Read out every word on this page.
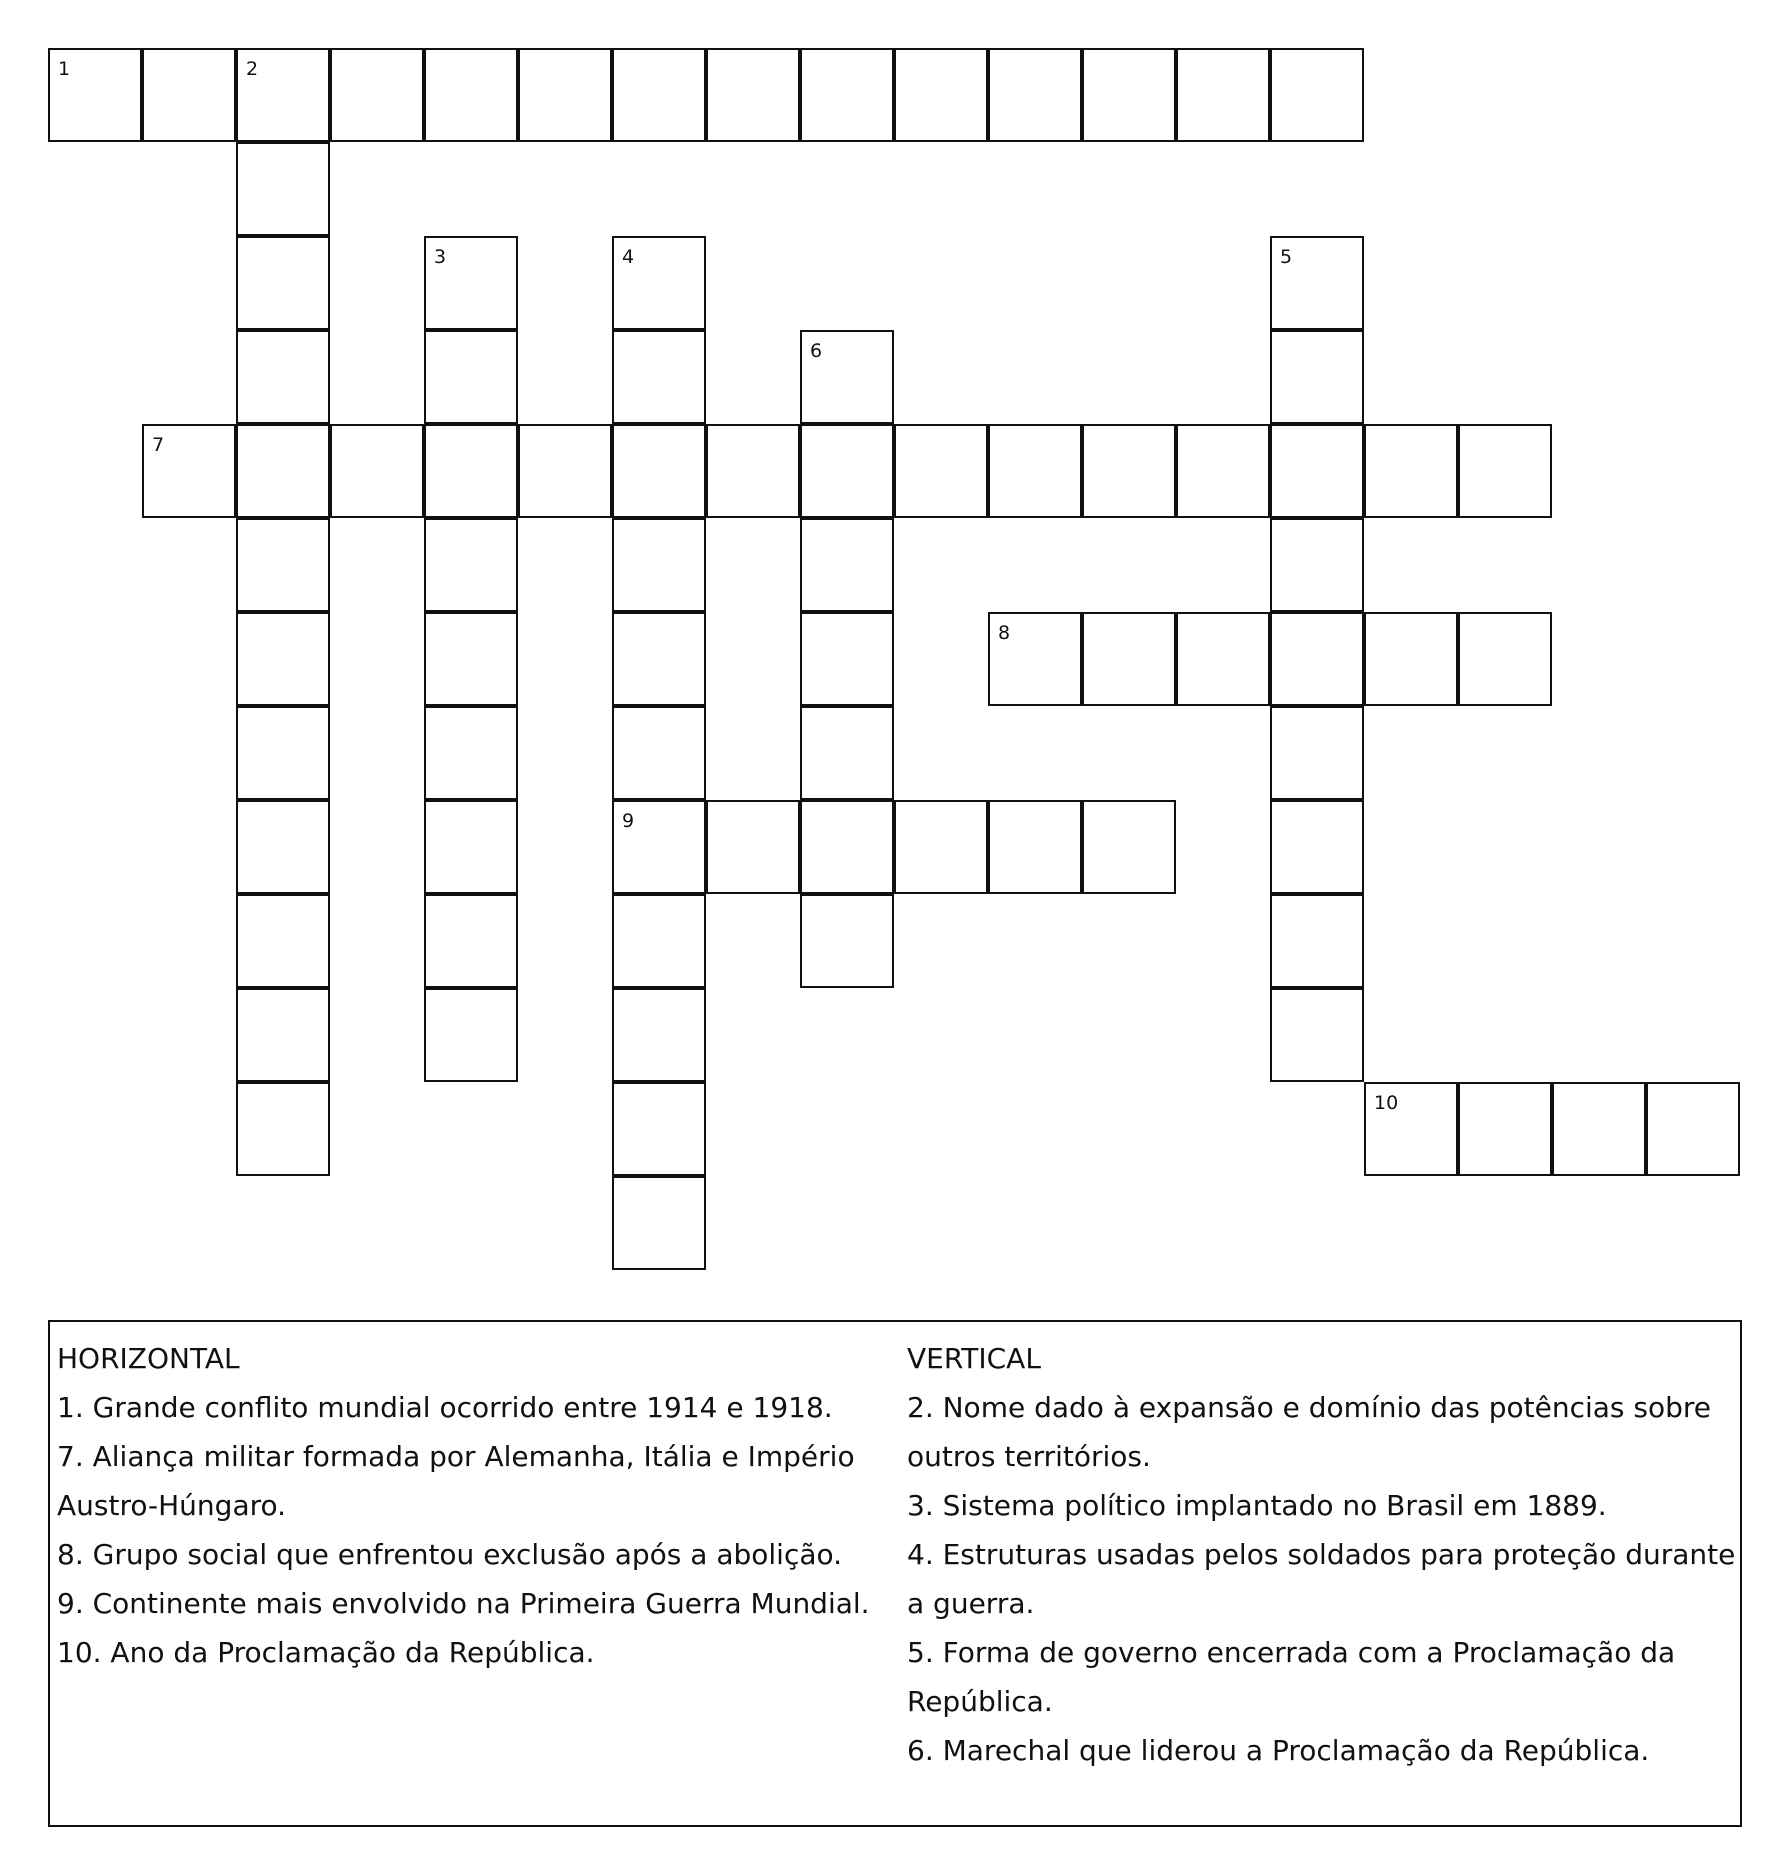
1	2
3	4	5
6
7
8
9
10

HORIZONTAL

1. Grande conflito mundial ocorrido entre 1914 e 1918.

7. Aliança militar formada por Alemanha, Itália e Império Austro-Húngaro.

8. Grupo social que enfrentou exclusão após a abolição.

9. Continente mais envolvido na Primeira Guerra Mundial.

10. Ano da Proclamação da República.

VERTICAL

2. Nome dado à expansão e domínio das potências sobre outros territórios.

3. Sistema político implantado no Brasil em 1889.

4. Estruturas usadas pelos soldados para proteção durante a guerra.

5. Forma de governo encerrada com a Proclamação da República.

6. Marechal que liderou a Proclamação da República.
